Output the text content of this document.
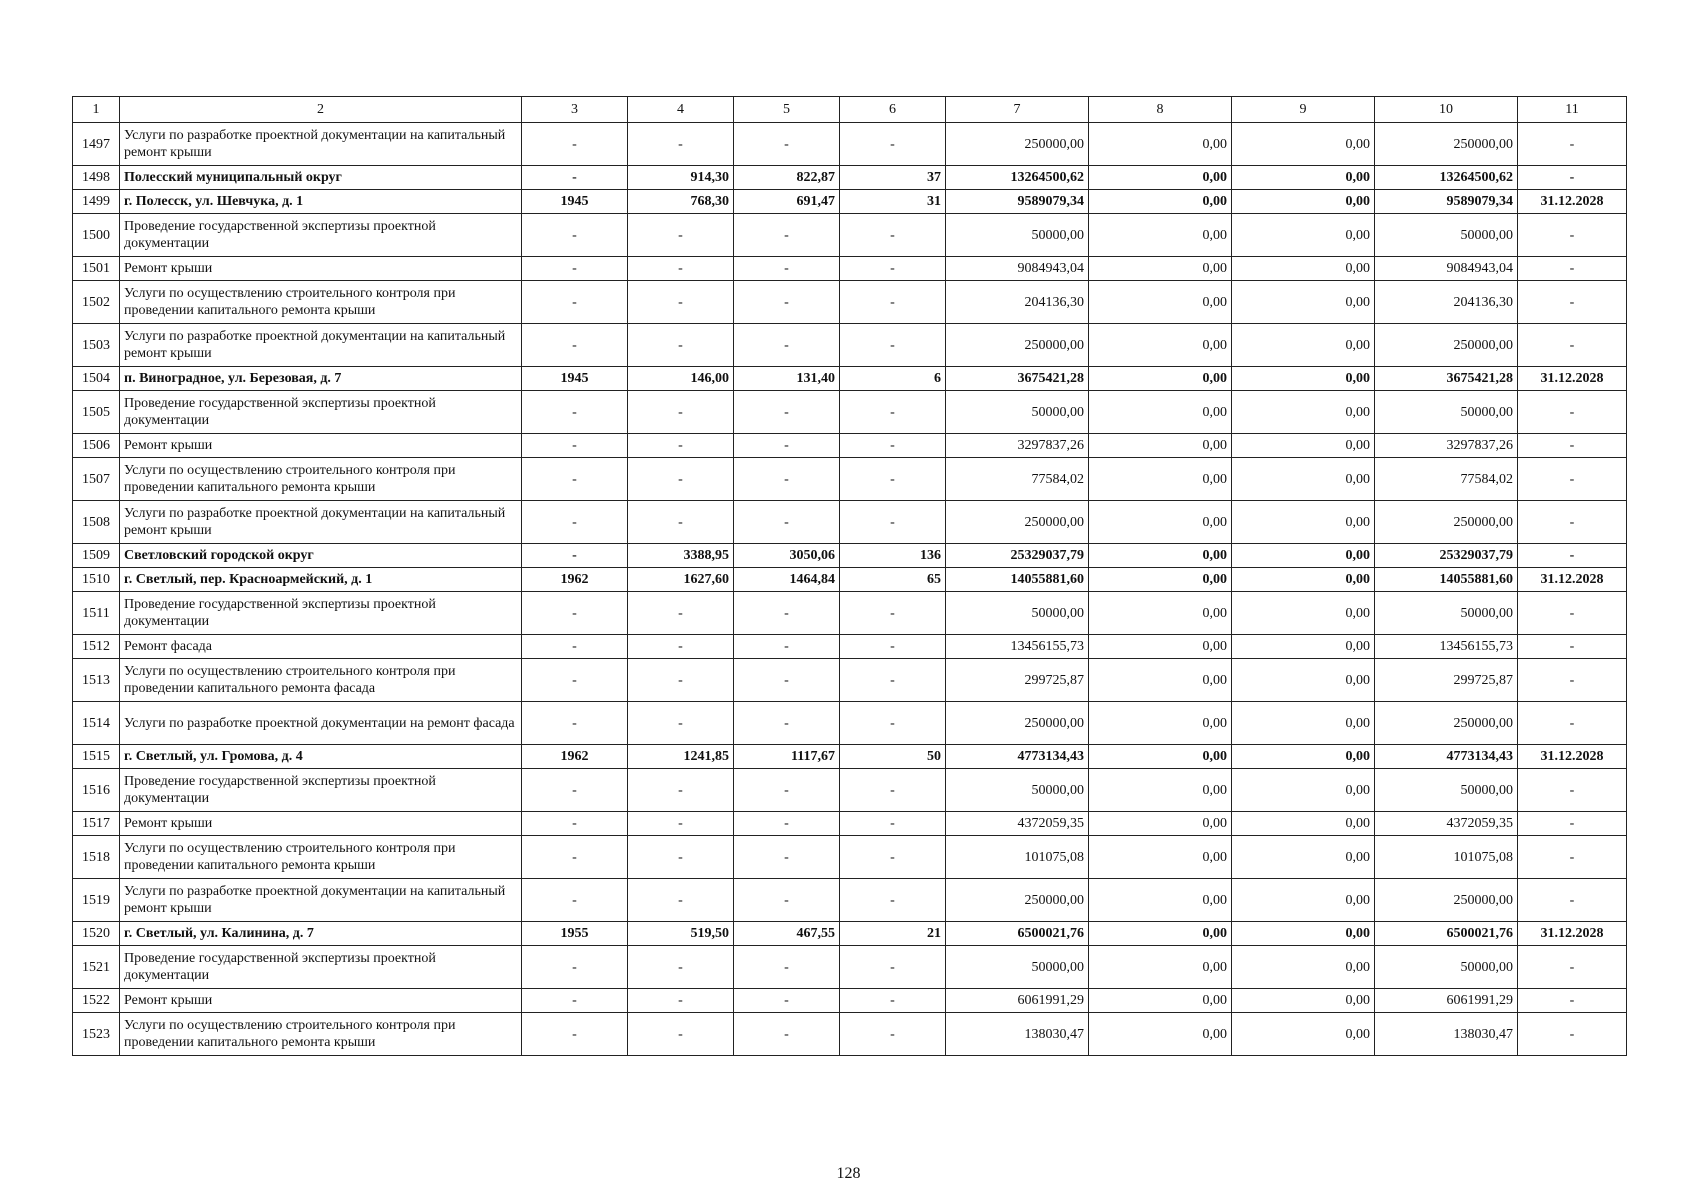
1	2	3	4	5	6	7	8	9	10	11
1497	Услуги по разработке проектной документации на капитальный ремонт крыши	-	-	-	-	250000,00	0,00	0,00	250000,00	-
1498	Полесский муниципальный округ	-	914,30	822,87	37	13264500,62	0,00	0,00	13264500,62	-
1499	г. Полесск, ул. Шевчука, д. 1	1945	768,30	691,47	31	9589079,34	0,00	0,00	9589079,34	31.12.2028
1500	Проведение государственной экспертизы проектной документации	-	-	-	-	50000,00	0,00	0,00	50000,00	-
1501	Ремонт крыши	-	-	-	-	9084943,04	0,00	0,00	9084943,04	-
1502	Услуги по осуществлению строительного контроля при проведении капитального ремонта крыши	-	-	-	-	204136,30	0,00	0,00	204136,30	-
1503	Услуги по разработке проектной документации на капитальный ремонт крыши	-	-	-	-	250000,00	0,00	0,00	250000,00	-
1504	п. Виноградное, ул. Березовая, д. 7	1945	146,00	131,40	6	3675421,28	0,00	0,00	3675421,28	31.12.2028
1505	Проведение государственной экспертизы проектной документации	-	-	-	-	50000,00	0,00	0,00	50000,00	-
1506	Ремонт крыши	-	-	-	-	3297837,26	0,00	0,00	3297837,26	-
1507	Услуги по осуществлению строительного контроля при проведении капитального ремонта крыши	-	-	-	-	77584,02	0,00	0,00	77584,02	-
1508	Услуги по разработке проектной документации на капитальный ремонт крыши	-	-	-	-	250000,00	0,00	0,00	250000,00	-
1509	Светловский городской округ	-	3388,95	3050,06	136	25329037,79	0,00	0,00	25329037,79	-
1510	г. Светлый, пер. Красноармейский, д. 1	1962	1627,60	1464,84	65	14055881,60	0,00	0,00	14055881,60	31.12.2028
1511	Проведение государственной экспертизы проектной документации	-	-	-	-	50000,00	0,00	0,00	50000,00	-
1512	Ремонт фасада	-	-	-	-	13456155,73	0,00	0,00	13456155,73	-
1513	Услуги по осуществлению строительного контроля при проведении капитального ремонта фасада	-	-	-	-	299725,87	0,00	0,00	299725,87	-
1514	Услуги по разработке проектной документации на ремонт фасада	-	-	-	-	250000,00	0,00	0,00	250000,00	-
1515	г. Светлый, ул. Громова, д. 4	1962	1241,85	1117,67	50	4773134,43	0,00	0,00	4773134,43	31.12.2028
1516	Проведение государственной экспертизы проектной документации	-	-	-	-	50000,00	0,00	0,00	50000,00	-
1517	Ремонт крыши	-	-	-	-	4372059,35	0,00	0,00	4372059,35	-
1518	Услуги по осуществлению строительного контроля при проведении капитального ремонта крыши	-	-	-	-	101075,08	0,00	0,00	101075,08	-
1519	Услуги по разработке проектной документации на капитальный ремонт крыши	-	-	-	-	250000,00	0,00	0,00	250000,00	-
1520	г. Светлый, ул. Калинина, д. 7	1955	519,50	467,55	21	6500021,76	0,00	0,00	6500021,76	31.12.2028
1521	Проведение государственной экспертизы проектной документации	-	-	-	-	50000,00	0,00	0,00	50000,00	-
1522	Ремонт крыши	-	-	-	-	6061991,29	0,00	0,00	6061991,29	-
1523	Услуги по осуществлению строительного контроля при проведении капитального ремонта крыши	-	-	-	-	138030,47	0,00	0,00	138030,47	-
128
